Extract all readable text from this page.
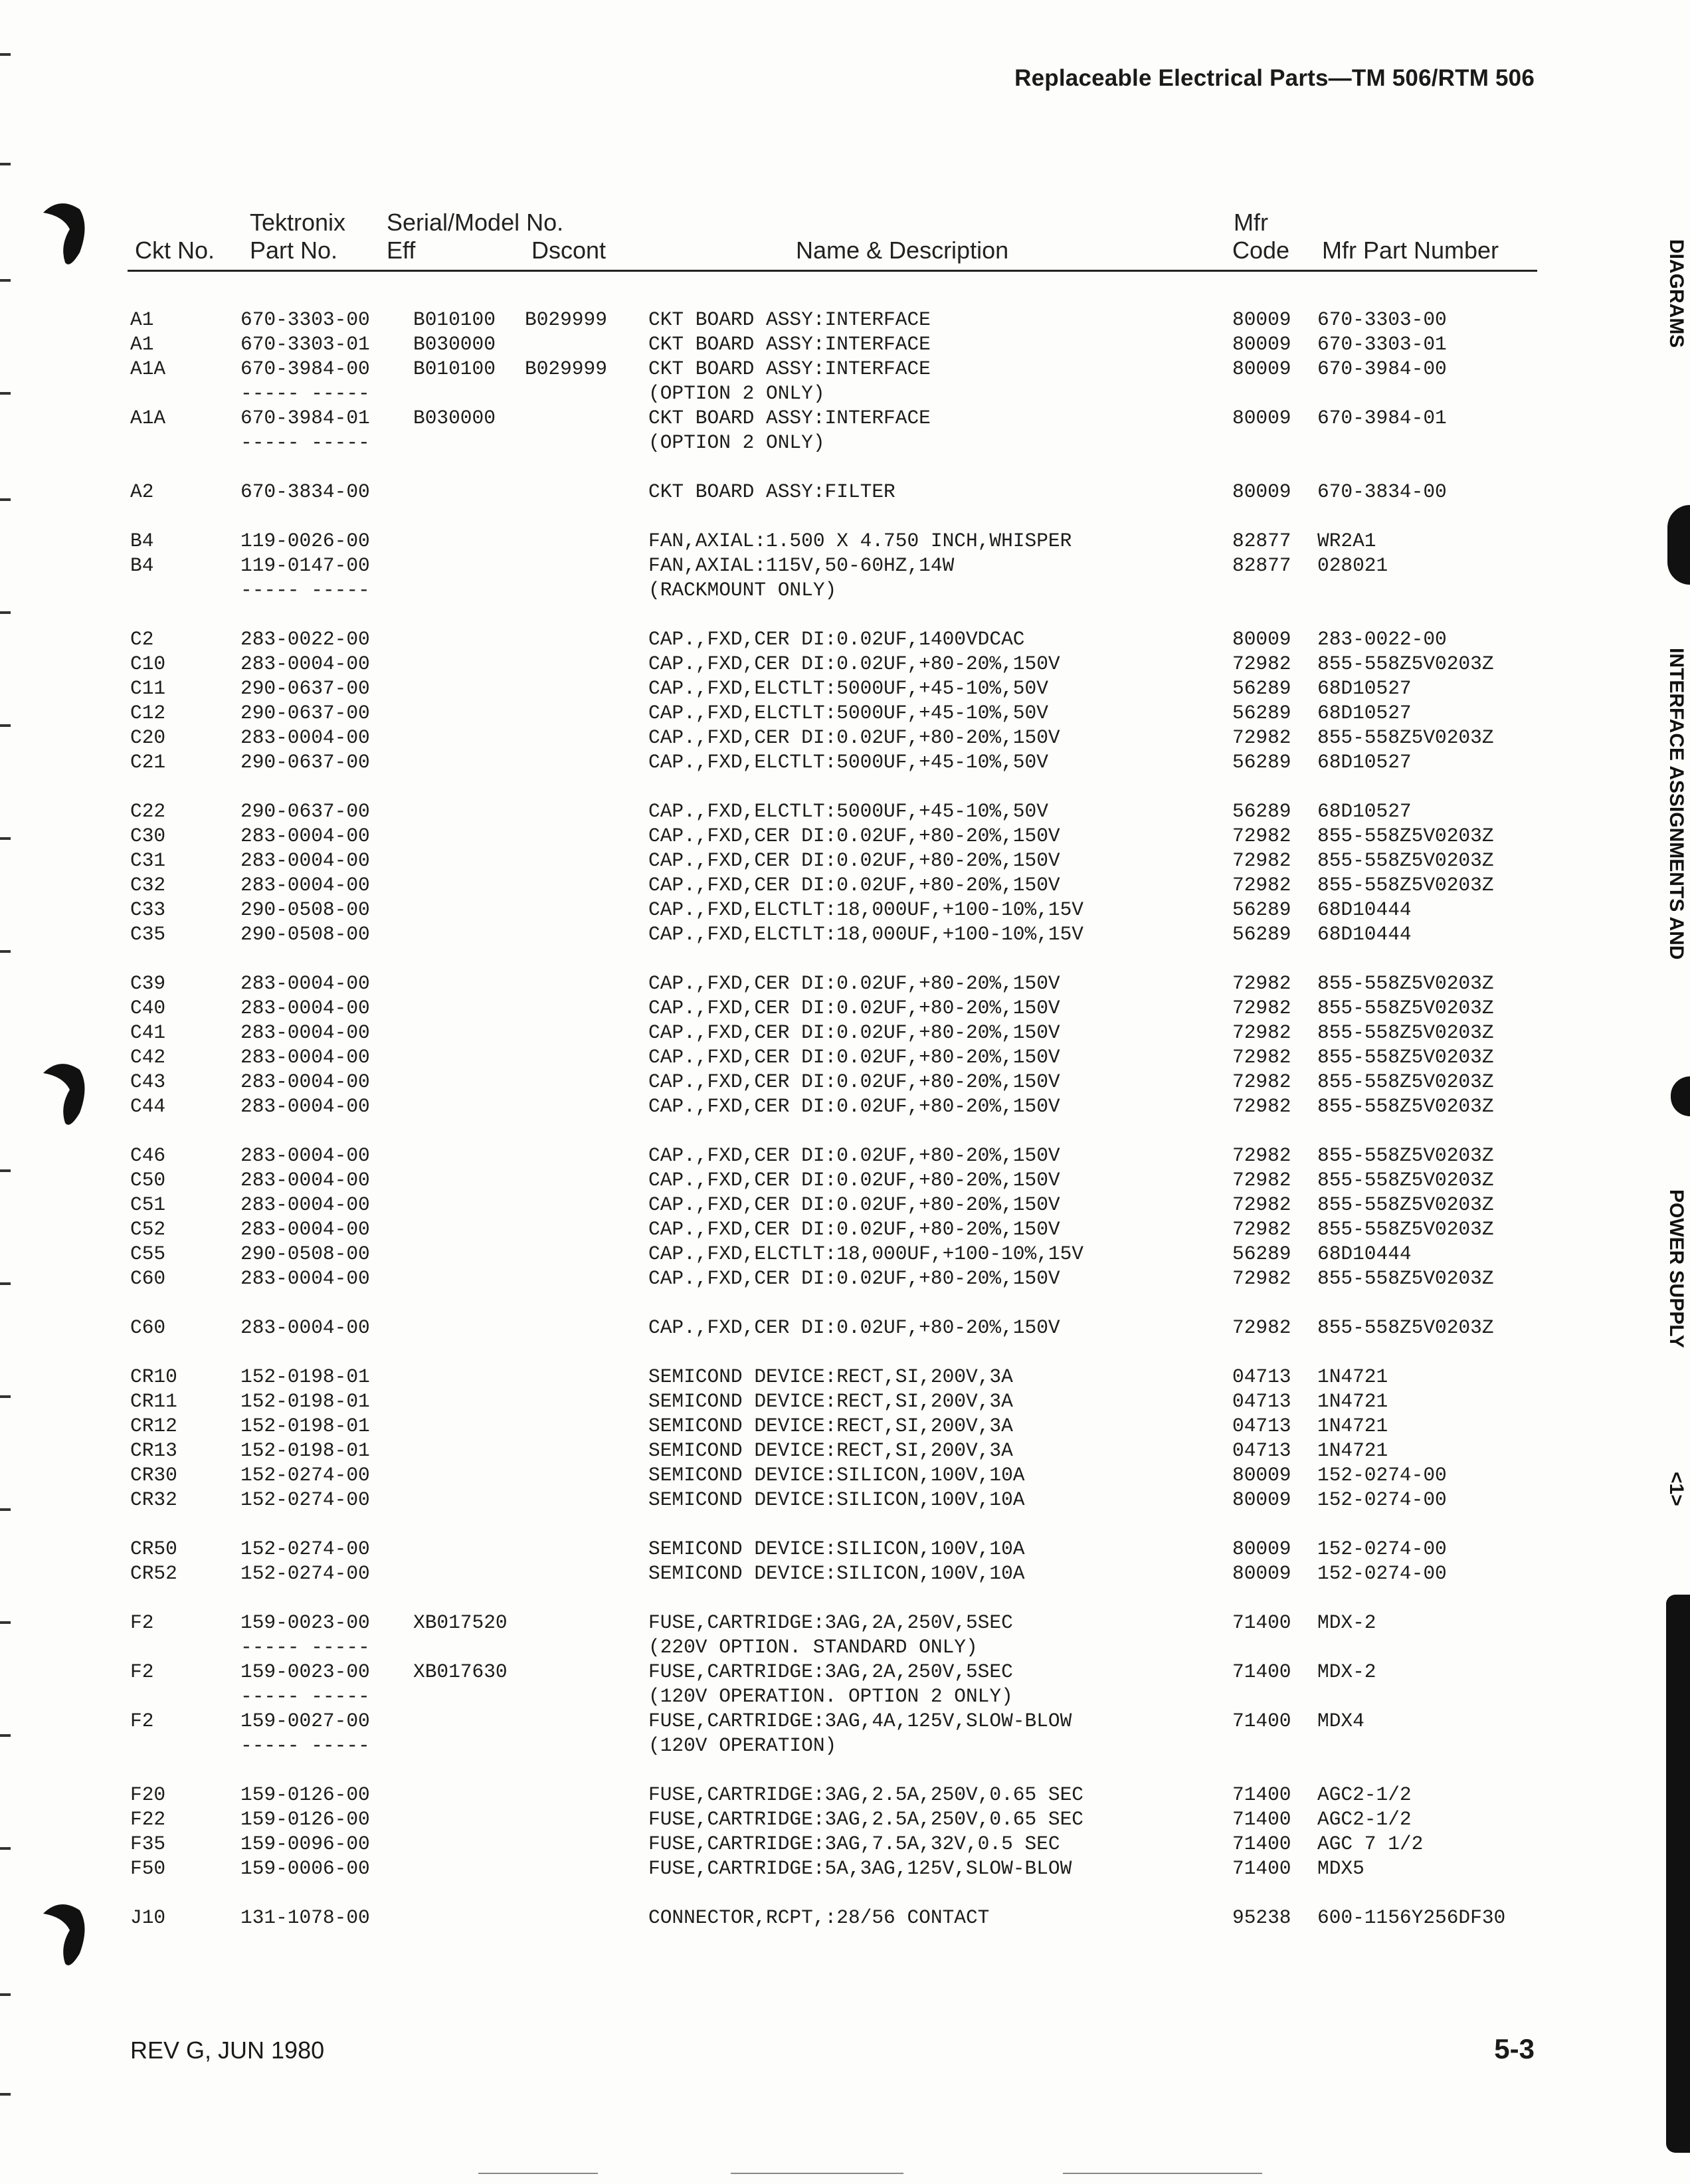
Replaceable Electrical Parts—TM 506/RTM 506
Ckt No.
Tektronix
Part No.
Serial/Model No.
Eff	Dscont	Name & Description
Mfr
Code Mfr Part Number
A1	670-3303-00 B010100 B029999 CKT BOARD ASSY:INTERFACE	80009 670-3303-00
A1	670-3303-01 B030000	CKT BOARD ASSY:INTERFACE	80009 670-3303-01
A1A	670-3984-00 B010100 B029999 CKT BOARD ASSY:INTERFACE	80009 670-3984-00
----- -----	(OPTION 2 ONLY)
A1A	670-3984-01 B030000	CKT BOARD ASSY:INTERFACE	80009 670-3984-01
----- -----	(OPTION 2 ONLY)
A2	670-3834-00	CKT BOARD ASSY:FILTER	80009 670-3834-00
B4	119-0026-00	FAN,AXIAL:1.500 X 4.750 INCH,WHISPER	82877 WR2A1
B4	119-0147-00	FAN,AXIAL:115V,50-60HZ,14W	82877 028021
----- -----	(RACKMOUNT ONLY)
C2	283-0022-00	CAP.,FXD,CER DI:0.02UF,1400VDCAC	80009 283-0022-00
C10	283-0004-00	CAP.,FXD,CER DI:0.02UF,+80-20%,150V	72982 855-558Z5V0203Z
C11	290-0637-00	CAP.,FXD,ELCTLT:5000UF,+45-10%,50V	56289 68D10527
C12	290-0637-00	CAP.,FXD,ELCTLT:5000UF,+45-10%,50V	56289 68D10527
C20	283-0004-00	CAP.,FXD,CER DI:0.02UF,+80-20%,150V	72982 855-558Z5V0203Z
C21	290-0637-00	CAP.,FXD,ELCTLT:5000UF,+45-10%,50V	56289 68D10527
C22	290-0637-00	CAP.,FXD,ELCTLT:5000UF,+45-10%,50V	56289 68D10527
C30	283-0004-00	CAP.,FXD,CER DI:0.02UF,+80-20%,150V	72982 855-558Z5V0203Z
C31	283-0004-00	CAP.,FXD,CER DI:0.02UF,+80-20%,150V	72982 855-558Z5V0203Z
C32	283-0004-00	CAP.,FXD,CER DI:0.02UF,+80-20%,150V	72982 855-558Z5V0203Z
C33	290-0508-00	CAP.,FXD,ELCTLT:18,000UF,+100-10%,15V	56289 68D10444
C35	290-0508-00	CAP.,FXD,ELCTLT:18,000UF,+100-10%,15V	56289 68D10444
C39	283-0004-00	CAP.,FXD,CER DI:0.02UF,+80-20%,150V	72982 855-558Z5V0203Z
C40	283-0004-00	CAP.,FXD,CER DI:0.02UF,+80-20%,150V	72982 855-558Z5V0203Z
C41	283-0004-00	CAP.,FXD,CER DI:0.02UF,+80-20%,150V	72982 855-558Z5V0203Z
C42	283-0004-00	CAP.,FXD,CER DI:0.02UF,+80-20%,150V	72982 855-558Z5V0203Z
C43	283-0004-00	CAP.,FXD,CER DI:0.02UF,+80-20%,150V	72982 855-558Z5V0203Z
C44	283-0004-00	CAP.,FXD,CER DI:0.02UF,+80-20%,150V	72982 855-558Z5V0203Z
C46	283-0004-00	CAP.,FXD,CER DI:0.02UF,+80-20%,150V	72982 855-558Z5V0203Z
C50	283-0004-00	CAP.,FXD,CER DI:0.02UF,+80-20%,150V	72982 855-558Z5V0203Z
C51	283-0004-00	CAP.,FXD,CER DI:0.02UF,+80-20%,150V	72982 855-558Z5V0203Z
C52	283-0004-00	CAP.,FXD,CER DI:0.02UF,+80-20%,150V	72982 855-558Z5V0203Z
C55	290-0508-00	CAP.,FXD,ELCTLT:18,000UF,+100-10%,15V	56289 68D10444
C60	283-0004-00	CAP.,FXD,CER DI:0.02UF,+80-20%,150V	72982 855-558Z5V0203Z
C60	283-0004-00	CAP.,FXD,CER DI:0.02UF,+80-20%,150V	72982 855-558Z5V0203Z
CR10	152-0198-01	SEMICOND DEVICE:RECT,SI,200V,3A	04713 1N4721
CR11	152-0198-01	SEMICOND DEVICE:RECT,SI,200V,3A	04713 1N4721
CR12	152-0198-01	SEMICOND DEVICE:RECT,SI,200V,3A	04713 1N4721
CR13	152-0198-01	SEMICOND DEVICE:RECT,SI,200V,3A	04713 1N4721
CR30	152-0274-00	SEMICOND DEVICE:SILICON,100V,10A	80009 152-0274-00
CR32	152-0274-00	SEMICOND DEVICE:SILICON,100V,10A	80009 152-0274-00
CR50	152-0274-00	SEMICOND DEVICE:SILICON,100V,10A	80009 152-0274-00
CR52	152-0274-00	SEMICOND DEVICE:SILICON,100V,10A	80009 152-0274-00
F2	159-0023-00 XB017520	FUSE,CARTRIDGE:3AG,2A,250V,5SEC	71400 MDX-2
----- -----	(220V OPTION. STANDARD ONLY)
F2	159-0023-00 XB017630	FUSE,CARTRIDGE:3AG,2A,250V,5SEC	71400 MDX-2
----- -----	(120V OPERATION. OPTION 2 ONLY)
F2	159-0027-00	FUSE,CARTRIDGE:3AG,4A,125V,SLOW-BLOW	71400 MDX4
----- -----	(120V OPERATION)
F20	159-0126-00	FUSE,CARTRIDGE:3AG,2.5A,250V,0.65 SEC	71400 AGC2-1/2
F22	159-0126-00	FUSE,CARTRIDGE:3AG,2.5A,250V,0.65 SEC	71400 AGC2-1/2
F35	159-0096-00	FUSE,CARTRIDGE:3AG,7.5A,32V,0.5 SEC	71400 AGC 7 1/2
F50	159-0006-00	FUSE,CARTRIDGE:5A,3AG,125V,SLOW-BLOW	71400 MDX5
J10	131-1078-00	CONNECTOR,RCPT,:28/56 CONTACT	95238 600-1156Y256DF30
REV G, JUN 1980	5-3
DIAGRAMS
INTERFACE ASSIGNMENTS AND
POWER SUPPLY
<1>
